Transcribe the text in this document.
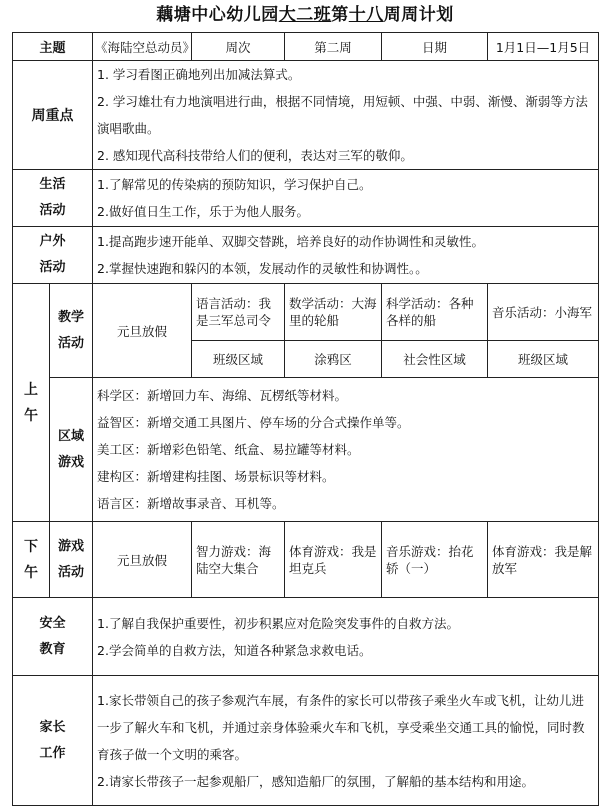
藕塘中心幼儿园大二班第十八周周计划
主题		《海陆空总动员》	周次	第二周	日期	1月1日—1月5日
周重点		1. 学习看图正确地列出加减法算式。
2. 学习雄壮有力地演唱进行曲，根据不同情境，用短顿、中强、中弱、渐慢、渐弱等方法演唱歌曲。
2. 感知现代高科技带给人们的便利，表达对三军的敬仰。				

生活
活动		1.了解常见的传染病的预防知识，学习保护自己。
2.做好值日生工作，乐于为他人服务。				

户外
活动		1.提高跑步速开能单、双脚交替跳，培养良好的动作协调性和灵敏性。
2.掌握快速跑和躲闪的本领，发展动作的灵敏性和协调性。。				

上
午	教学
活动	元旦放假	语言活动：我是三军总司令	数学活动：大海里的轮船	科学活动：各种各样的船	音乐活动：小海军
			班级区域	涂鸦区	社会性区域	班级区域

	区域
游戏	科学区：新增回力车、海绵、瓦楞纸等材料。
益智区：新增交通工具图片、停车场的分合式操作单等。
美工区：新增彩色铅笔、纸盒、易拉罐等材料。
建构区：新增建构挂图、场景标识等材料。
语言区：新增故事录音、耳机等。				

下
午	游戏
活动	元旦放假	智力游戏：海陆空大集合	体育游戏：我是坦克兵	音乐游戏：抬花轿（一）	体育游戏：我是解放军

安全
教育		1.了解自我保护重要性，初步积累应对危险突发事件的自救方法。
2.学会简单的自救方法，知道各种紧急求救电话。				

家长
工作		1.家长带领自己的孩子参观汽车展，有条件的家长可以带孩子乘坐火车或飞机，让幼儿进一步了解火车和飞机，并通过亲身体验乘火车和飞机，享受乘坐交通工具的愉悦，同时教育孩子做一个文明的乘客。
2.请家长带孩子一起参观船厂，感知造船厂的氛围，了解船的基本结构和用途。				
